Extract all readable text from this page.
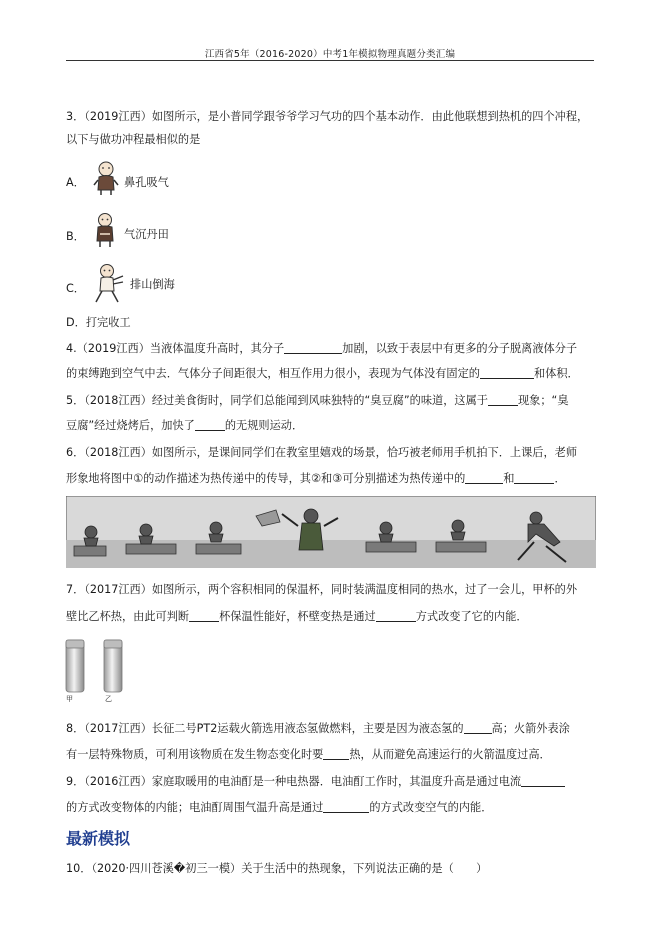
江西省5年（2016-2020）中考1年模拟物理真题分类汇编
3．（2019江西）如图所示，是小普同学跟爷爷学习气功的四个基本动作．由此他联想到热机的四个冲程，
以下与做功冲程最相似的是
A．	鼻孔吸气
B．	气沉丹田
C．	排山倒海
D．打完收工
4.（2019江西）当液体温度升高时，其分子	加剧，以致于表层中有更多的分子脱离液体分子
的束缚跑到空气中去．气体分子间距很大，相互作用力很小，表现为气体没有固定的	和体积．
5．（2018江西）经过美食街时，同学们总能闻到风味独特的“臭豆腐”的味道，这属于	现象；“臭
豆腐”经过烧烤后，加快了	的无规则运动．
6．（2018江西）如图所示，是课间同学们在教室里嬉戏的场景，恰巧被老师用手机拍下．上课后，老师
形象地将图中①的动作描述为热传递中的传导，其②和③可分别描述为热传递中的	和	．
7．（2017江西）如图所示，两个容积相同的保温杯，同时装满温度相同的热水，过了一会儿，甲杯的外
壁比乙杯热，由此可判断	杯保温性能好，杯壁变热是通过	方式改变了它的内能．
甲	乙
8．（2017江西）长征二号PT2运载火箭选用液态氢做燃料，主要是因为液态氢的	高；火箭外表涂
有一层特殊物质，可利用该物质在发生物态变化时要 热，从而避免高速运行的火箭温度过高．
9．（2016江西）家庭取暖用的电油酊是一种电热器．电油酊工作时，其温度升高是通过电流
的方式改变物体的内能；电油酊周围气温升高是通过	的方式改变空气的内能．
最新模拟
10．（2020·四川苍溪�初三一模）关于生活中的热现象，下列说法正确的是（　　）
